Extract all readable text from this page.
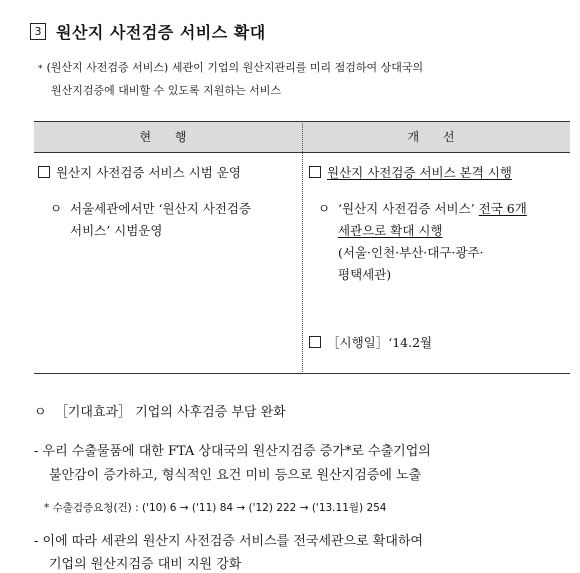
3 원산지 사전검증 서비스 확대
* (원산지 사전검증 서비스) 세관이 기업의 원산지관리를 미리 점검하여 상대국의
원산지검증에 대비할 수 있도록 지원하는 서비스
현 행	개 선
원산지 사전검증 서비스 시범 운영
ㅇ 서울세관에서만 ‘원산지 사전검증
서비스’ 시범운영
원산지 사전검증 서비스 본격 시행
ㅇ ‘원산지 사전검증 서비스’ 전국 6개
세관으로 확대 시행
(서울·인천·부산·대구·광주·
평택세관)
［시행일］‘14.2월
ㅇ ［기대효과］ 기업의 사후검증 부담 완화
- 우리 수출물품에 대한 FTA 상대국의 원산지검증 증가*로 수출기업의
불안감이 증가하고, 형식적인 요건 미비 등으로 원산지검증에 노출
* 수출검증요청(건) : ('10) 6 → ('11) 84 → ('12) 222 → ('13.11월) 254
- 이에 따라 세관의 원산지 사전검증 서비스를 전국세관으로 확대하여
기업의 원산지검증 대비 지원 강화
